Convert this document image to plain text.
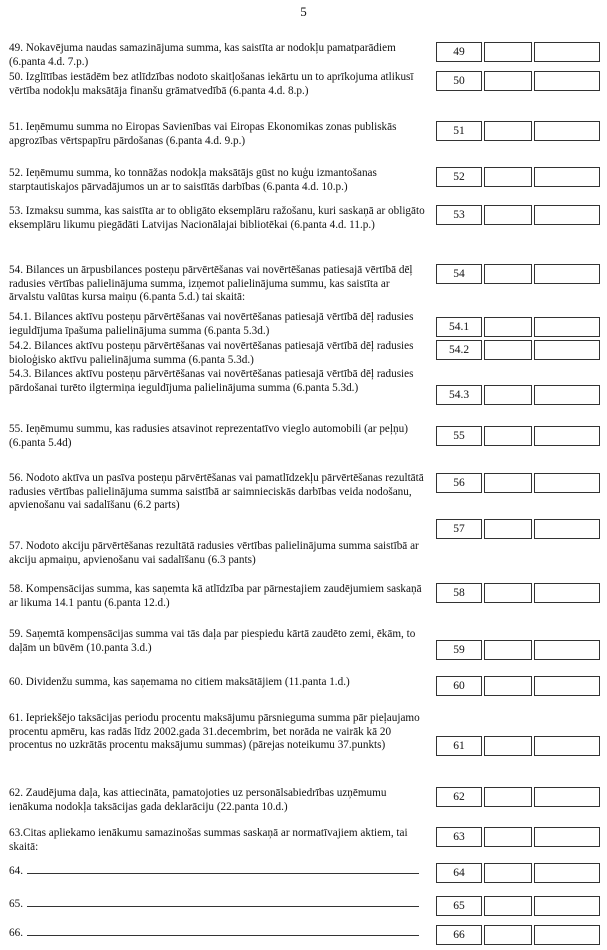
5
49. Nokavējuma naudas samazinājuma summa, kas saistīta ar nodokļu pamatparādiem (6.panta 4.d. 7.p.)
49
50. Izglītības iestādēm bez atlīdzības nodoto skaitļošanas iekārtu un to aprīkojuma atlikusī vērtība nodokļu maksātāja finanšu grāmatvedībā (6.panta 4.d. 8.p.)
50
51. Ieņēmumu summa no Eiropas Savienības vai Eiropas Ekonomikas zonas publiskās apgrozības vērtspapīru pārdošanas (6.panta 4.d. 9.p.)
51
52. Ieņēmumu summa, ko tonnāžas nodokļa maksātājs gūst no kuģu izmantošanas starptautiskajos pārvadājumos un ar to saistītās darbības (6.panta 4.d. 10.p.)
52
53. Izmaksu summa, kas saistīta ar to obligāto eksemplāru ražošanu, kuri saskaņā ar obligāto eksemplāru likumu piegādāti Latvijas Nacionālajai bibliotēkai (6.panta 4.d. 11.p.)
53
54. Bilances un ārpusbilances posteņu pārvērtēšanas vai novērtēšanas patiesajā vērtībā dēļ radusies vērtības palielinājuma summa, izņemot palielinājuma summu, kas saistīta ar ārvalstu valūtas kursa maiņu (6.panta 5.d.) tai skaitā:
54
54.1. Bilances aktīvu posteņu pārvērtēšanas vai novērtēšanas patiesajā vērtībā dēļ radusies ieguldījuma īpašuma palielinājuma summa (6.panta 5.3d.)	54.1
54.2. Bilances aktīvu posteņu pārvērtēšanas vai novērtēšanas patiesajā vērtībā dēļ radusies bioloģisko aktīvu palielinājuma summa (6.panta 5.3d.)
54.2
54.3. Bilances aktīvu posteņu pārvērtēšanas vai novērtēšanas patiesajā vērtībā dēļ radusies pārdošanai turēto ilgtermiņa ieguldījuma palielinājuma summa (6.panta 5.3d.)
54.3
55. Ieņēmumu summu, kas radusies atsavinot reprezentatīvo vieglo automobili (ar peļņu) (6.panta 5.4d)
55
56. Nodoto aktīva un pasīva posteņu pārvērtēšanas vai pamatlīdzekļu pārvērtēšanas rezultātā radusies vērtības palielinājuma summa saistībā ar saimnieciskās darbības veida nodošanu, apvienošanu vai sadalīšanu (6.2 parts)
56
57
57. Nodoto akciju pārvērtēšanas rezultātā radusies vērtības palielinājuma summa saistībā ar akciju apmaiņu, apvienošanu vai sadalīšanu (6.3 pants)
58. Kompensācijas summa, kas saņemta kā atlīdzība par pārnestajiem zaudējumiem saskaņā ar likuma 14.1 pantu (6.panta 12.d.)
58
59. Saņemtā kompensācijas summa vai tās daļa par piespiedu kārtā zaudēto zemi, ēkām, to daļām un būvēm (10.panta 3.d.)	59
60. Dividenžu summa, kas saņemama no citiem maksātājiem (11.panta 1.d.)	60
61. Iepriekšējo taksācijas periodu procentu maksājumu pārsnieguma summa pār pieļaujamo procentu apmēru, kas radās līdz 2002.gada 31.decembrim, bet norāda ne vairāk kā 20 procentus no uzkrātās procentu maksājumu summas) (pārejas noteikumu 37.punkts)	61
62. Zaudējuma daļa, kas attiecināta, pamatojoties uz personālsabiedrības uzņēmumu ienākuma nodokļa taksācijas gada deklarāciju (22.panta 10.d.)
62
63.Citas apliekamo ienākumu samazinošas summas saskaņā ar normatīvajiem aktiem, tai skaitā:
63
64.	64
65.	65
66.	66
